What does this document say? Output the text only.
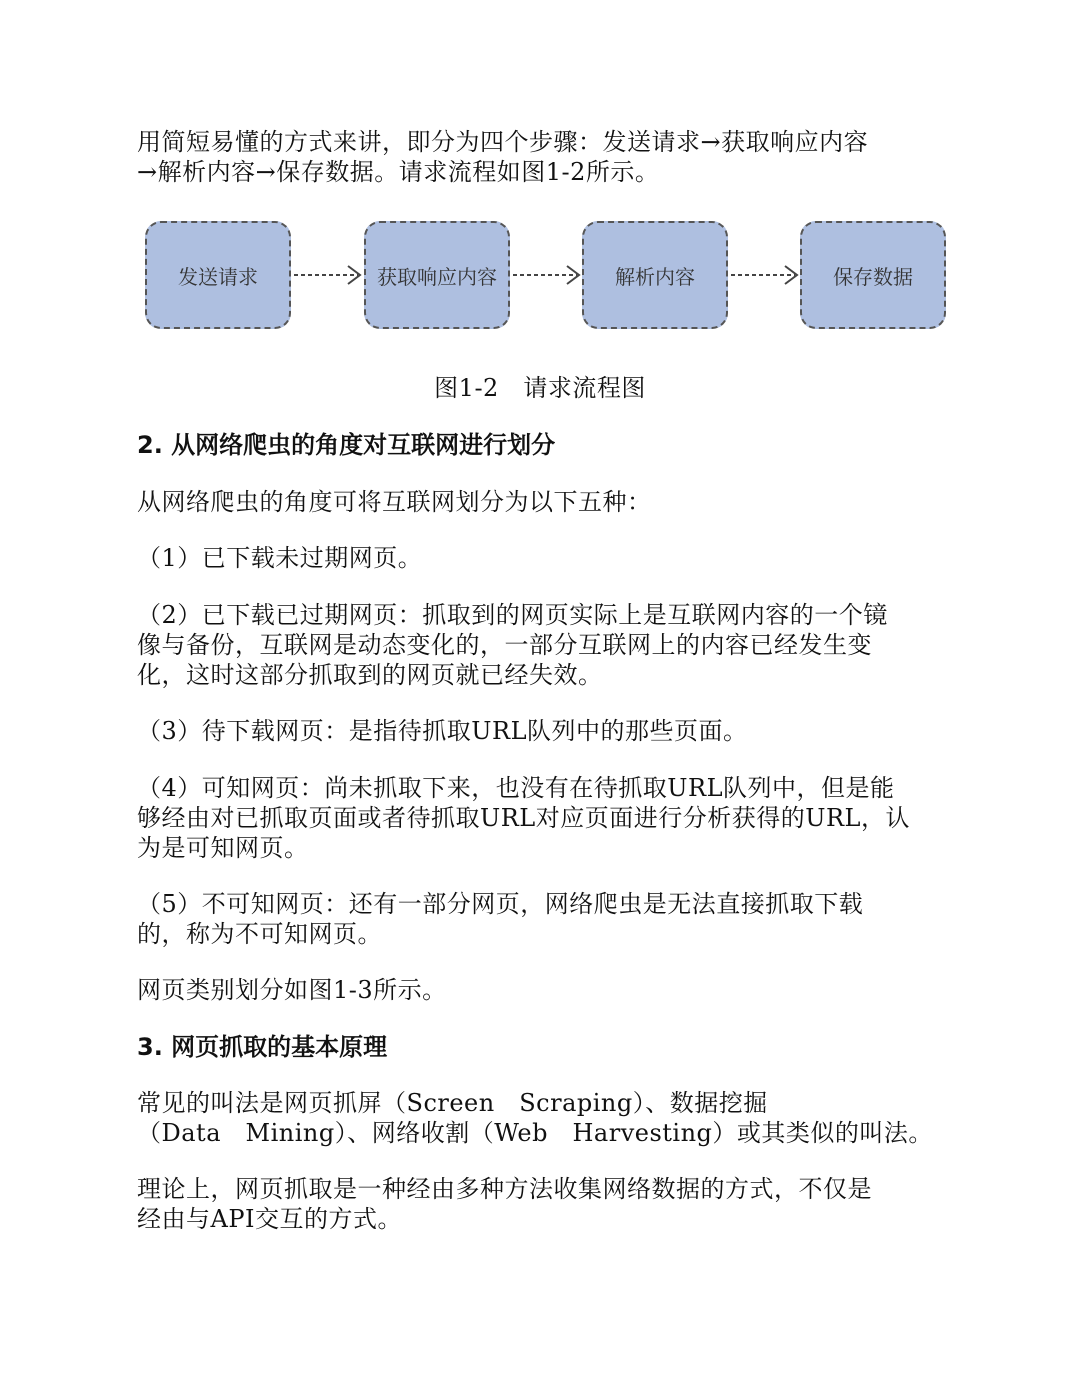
用简短易懂的方式来讲，即分为四个步骤：发送请求→获取响应内容
→解析内容→保存数据。请求流程如图1-2所示。

发送请求	获取响应内容	解析内容	保存数据
图1-2　请求流程图
2. 从网络爬虫的角度对互联网进行划分

从网络爬虫的角度可将互联网划分为以下五种：

（1）已下载未过期网页。

（2）已下载已过期网页：抓取到的网页实际上是互联网内容的一个镜
像与备份，互联网是动态变化的，一部分互联网上的内容已经发生变
化，这时这部分抓取到的网页就已经失效。

（3）待下载网页：是指待抓取URL队列中的那些页面。

（4）可知网页：尚未抓取下来，也没有在待抓取URL队列中，但是能
够经由对已抓取页面或者待抓取URL对应页面进行分析获得的URL，认
为是可知网页。

（5）不可知网页：还有一部分网页，网络爬虫是无法直接抓取下载
的，称为不可知网页。

网页类别划分如图1-3所示。

3. 网页抓取的基本原理

常见的叫法是网页抓屏（Screen　Scraping）、数据挖掘
（Data　Mining）、网络收割（Web　Harvesting）或其类似的叫法。

理论上，网页抓取是一种经由多种方法收集网络数据的方式，不仅是
经由与API交互的方式。
